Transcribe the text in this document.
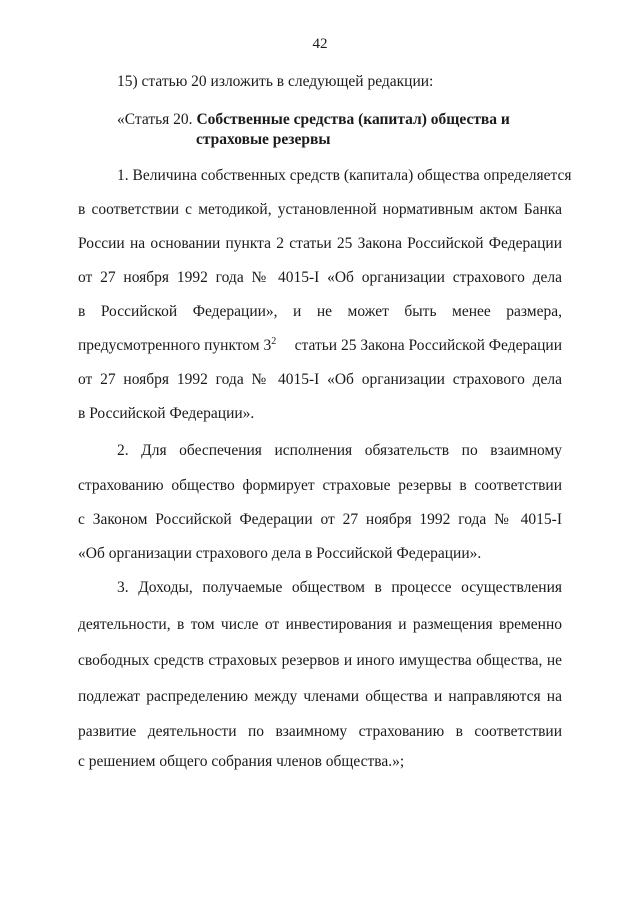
42
15) статью 20 изложить в следующей редакции:
«Статья 20. Собственные средства (капитал) общества и
страховые резервы
1. Величина собственных средств (капитала) общества определяется
в соответствии с методикой, установленной нормативным актом Банка
России на основании пункта 2 статьи 25 Закона Российской Федерации
от 27 ноября 1992 года № 4015-I «Об организации страхового дела
в Российской Федерации», и не может быть менее размера,
предусмотренного пунктом $3^2$ статьи 25 Закона Российской Федерации
от 27 ноября 1992 года № 4015-I «Об организации страхового дела
в Российской Федерации».
2. Для обеспечения исполнения обязательств по взаимному
страхованию общество формирует страховые резервы в соответствии
с Законом Российской Федерации от 27 ноября 1992 года № 4015-I
«Об организации страхового дела в Российской Федерации».
3. Доходы, получаемые обществом в процессе осуществления
деятельности, в том числе от инвестирования и размещения временно
свободных средств страховых резервов и иного имущества общества, не
подлежат распределению между членами общества и направляются на
развитие деятельности по взаимному страхованию в соответствии
с решением общего собрания членов общества.»;
